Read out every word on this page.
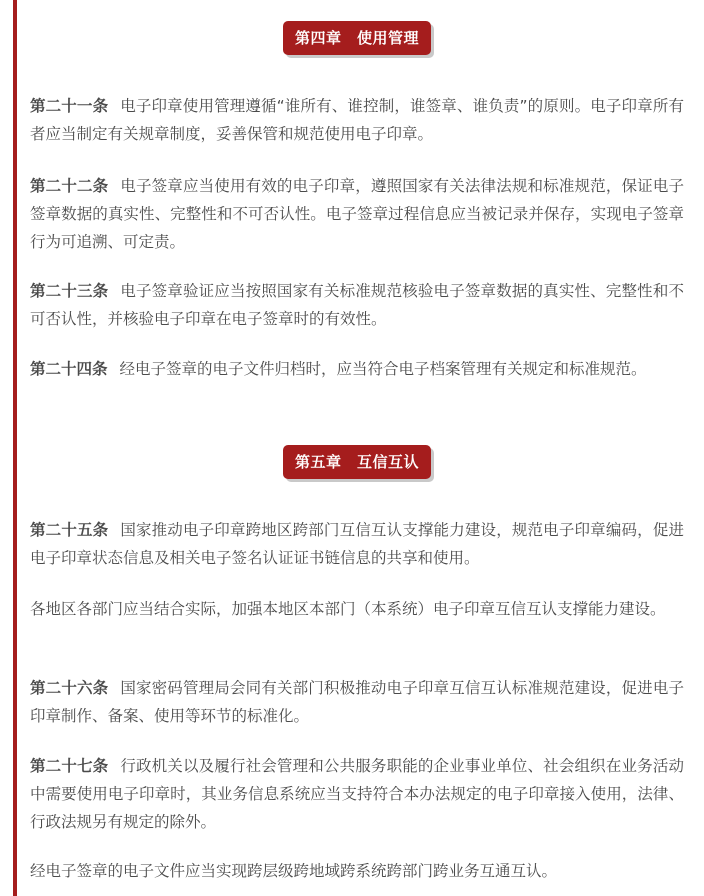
第四章　使用管理

第二十一条 电子印章使用管理遵循“谁所有、谁控制，谁签章、谁负责”的原则。电子印章所有者应当制定有关规章制度，妥善保管和规范使用电子印章。

第二十二条 电子签章应当使用有效的电子印章，遵照国家有关法律法规和标准规范，保证电子签章数据的真实性、完整性和不可否认性。电子签章过程信息应当被记录并保存，实现电子签章行为可追溯、可定责。

第二十三条 电子签章验证应当按照国家有关标准规范核验电子签章数据的真实性、完整性和不可否认性，并核验电子印章在电子签章时的有效性。

第二十四条 经电子签章的电子文件归档时，应当符合电子档案管理有关规定和标准规范。

第五章　互信互认

第二十五条 国家推动电子印章跨地区跨部门互信互认支撑能力建设，规范电子印章编码，促进电子印章状态信息及相关电子签名认证证书链信息的共享和使用。

各地区各部门应当结合实际，加强本地区本部门（本系统）电子印章互信互认支撑能力建设。

第二十六条 国家密码管理局会同有关部门积极推动电子印章互信互认标准规范建设，促进电子印章制作、备案、使用等环节的标准化。

第二十七条 行政机关以及履行社会管理和公共服务职能的企业事业单位、社会组织在业务活动中需要使用电子印章时，其业务信息系统应当支持符合本办法规定的电子印章接入使用，法律、行政法规另有规定的除外。

经电子签章的电子文件应当实现跨层级跨地域跨系统跨部门跨业务互通互认。
